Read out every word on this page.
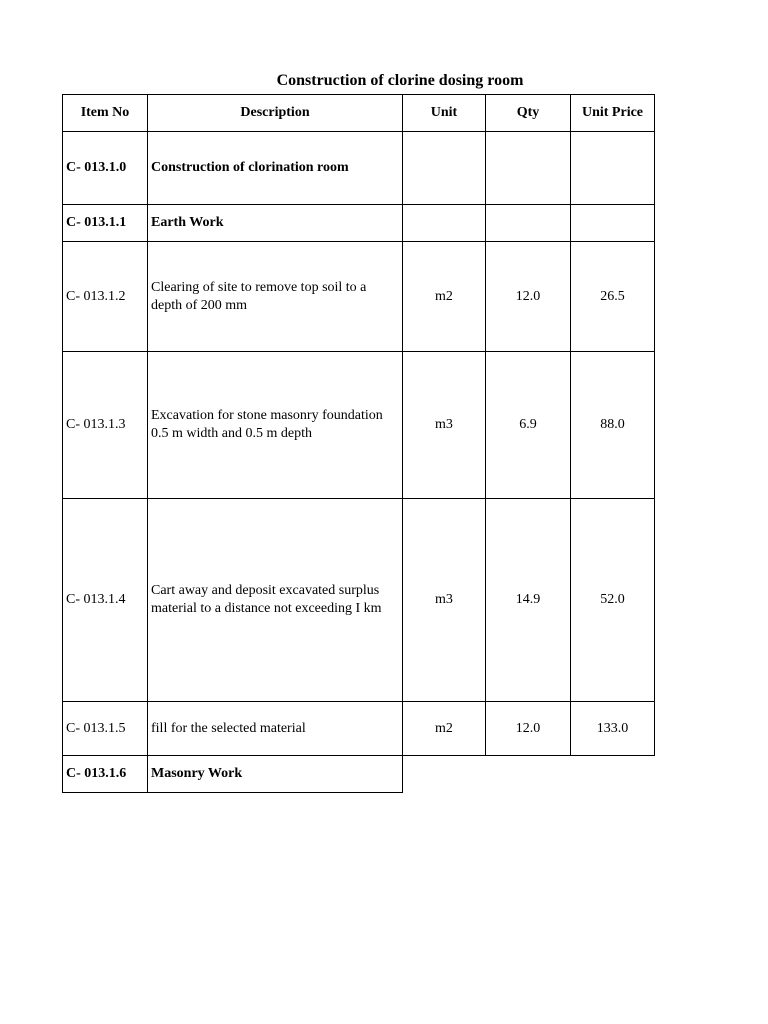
Construction of clorine dosing room
Item No	Description	Unit	Qty	Unit Price
C- 013.1.0	Construction of clorination room			
C- 013.1.1	Earth Work			
C- 013.1.2	Clearing of site to remove top soil to a depth of 200 mm	m2	12.0	26.5
C- 013.1.3	Excavation for stone masonry foundation 0.5 m width and 0.5 m depth	m3	6.9	88.0
C- 013.1.4	Cart away and deposit excavated surplus material to a distance not exceeding I km	m3	14.9	52.0
C- 013.1.5	fill for the selected material	m2	12.0	133.0
C- 013.1.6	Masonry Work			
